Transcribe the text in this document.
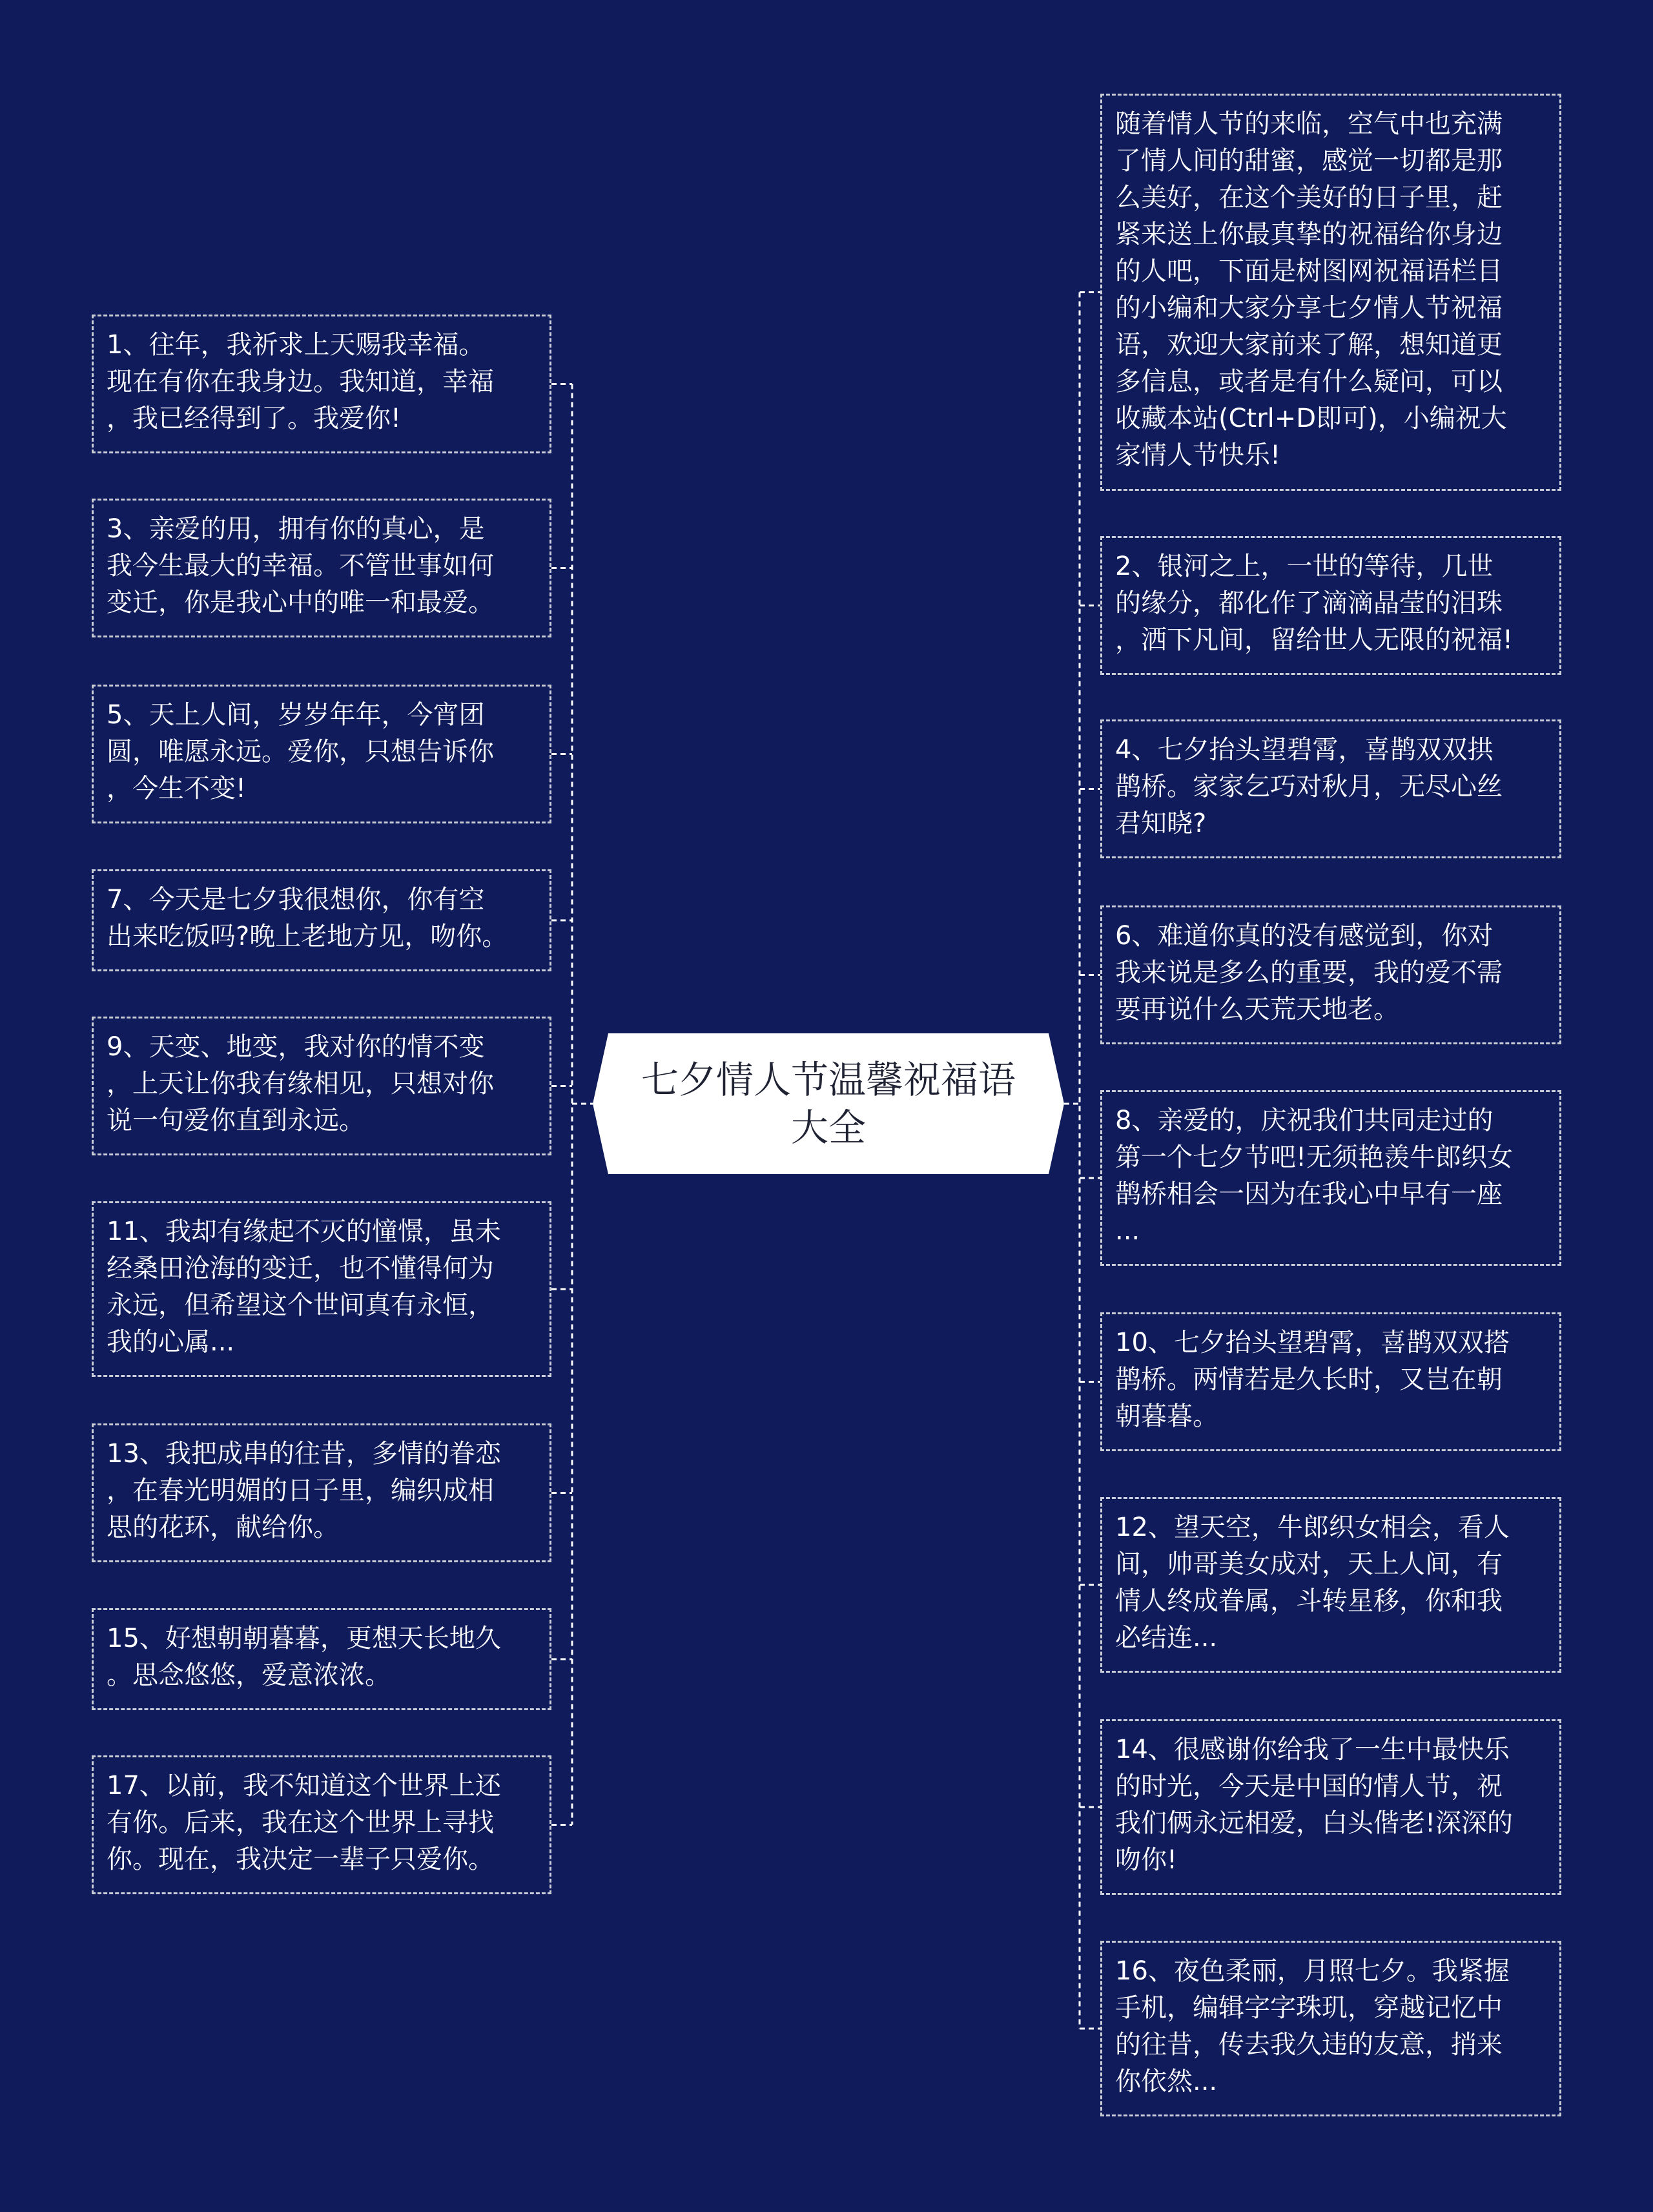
七夕情人节温馨祝福语大全
随着情人节的来临，空气中也充满
了情人间的甜蜜，感觉一切都是那
么美好，在这个美好的日子里，赶
紧来送上你最真挚的祝福给你身边
的人吧，下面是树图网祝福语栏目
的小编和大家分享七夕情人节祝福
语，欢迎大家前来了解，想知道更
多信息，或者是有什么疑问，可以
收藏本站(Ctrl+D即可)，小编祝大
家情人节快乐!
2、银河之上，一世的等待，几世
的缘分，都化作了滴滴晶莹的泪珠
，洒下凡间，留给世人无限的祝福!
4、七夕抬头望碧霄，喜鹊双双拱
鹊桥。家家乞巧对秋月，无尽心丝
君知晓?
6、难道你真的没有感觉到，你对
我来说是多么的重要，我的爱不需
要再说什么天荒天地老。
8、亲爱的，庆祝我们共同走过的
第一个七夕节吧!无须艳羡牛郎织女
鹊桥相会一因为在我心中早有一座
...
10、七夕抬头望碧霄，喜鹊双双搭
鹊桥。两情若是久长时，又岂在朝
朝暮暮。
12、望天空，牛郎织女相会，看人
间，帅哥美女成对，天上人间，有
情人终成眷属，斗转星移，你和我
必结连...
14、很感谢你给我了一生中最快乐
的时光，今天是中国的情人节，祝
我们俩永远相爱，白头偕老!深深的
吻你!
16、夜色柔丽，月照七夕。我紧握
手机，编辑字字珠玑，穿越记忆中
的往昔，传去我久违的友意，捎来
你依然...
1、往年，我祈求上天赐我幸福。
现在有你在我身边。我知道，幸福
，我已经得到了。我爱你!
3、亲爱的用，拥有你的真心，是
我今生最大的幸福。不管世事如何
变迁，你是我心中的唯一和最爱。
5、天上人间，岁岁年年，今宵团
圆，唯愿永远。爱你，只想告诉你
，今生不变!
7、今天是七夕我很想你，你有空
出来吃饭吗?晚上老地方见，吻你。
9、天变、地变，我对你的情不变
，上天让你我有缘相见，只想对你
说一句爱你直到永远。
11、我却有缘起不灭的憧憬，虽未
经桑田沧海的变迁，也不懂得何为
永远，但希望这个世间真有永恒，
我的心属...
13、我把成串的往昔，多情的眷恋
，在春光明媚的日子里，编织成相
思的花环，献给你。
15、好想朝朝暮暮，更想天长地久
。思念悠悠，爱意浓浓。
17、以前，我不知道这个世界上还
有你。后来，我在这个世界上寻找
你。现在，我决定一辈子只爱你。
